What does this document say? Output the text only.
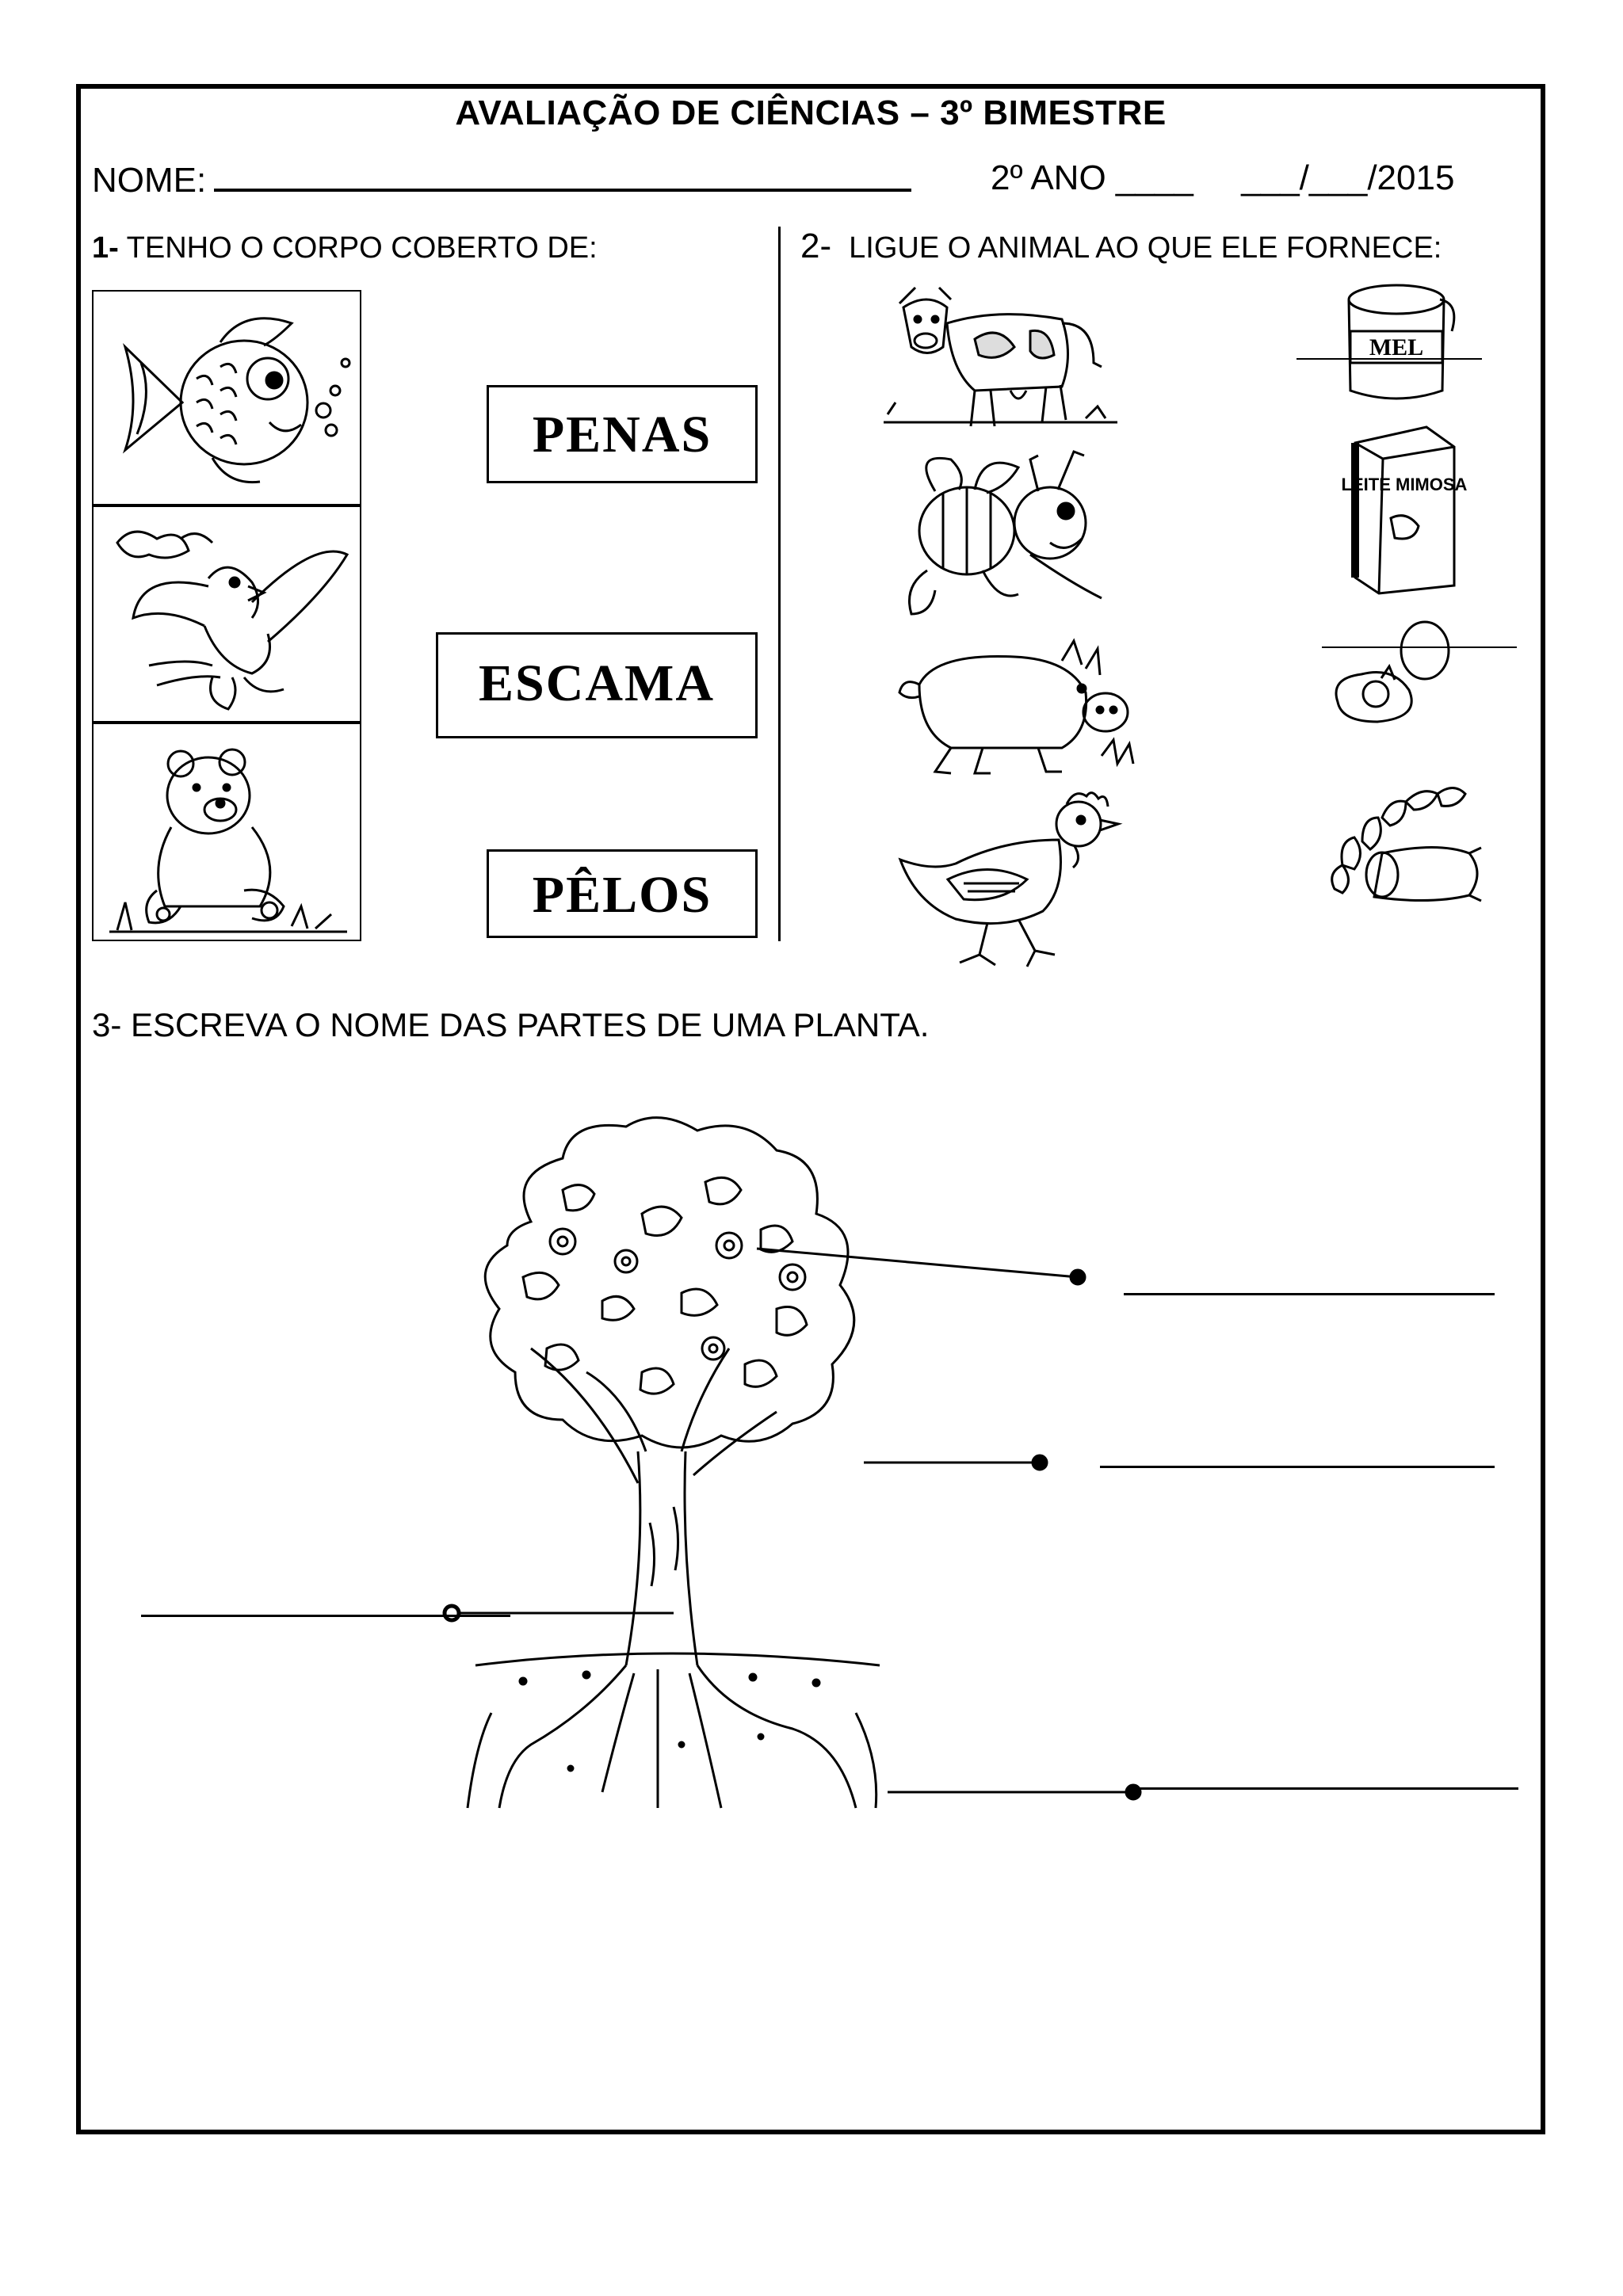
AVALIAÇÃO DE CIÊNCIAS – 3º BIMESTRE
NOME:	2º ANO ____ ___/___/2015
1- TENHO O CORPO COBERTO DE:
PENAS
ESCAMA
PÊLOS
2- LIGUE O ANIMAL AO QUE ELE FORNECE:
MEL
LEITE MIMOSA
3- ESCREVA O NOME DAS PARTES DE UMA PLANTA.
